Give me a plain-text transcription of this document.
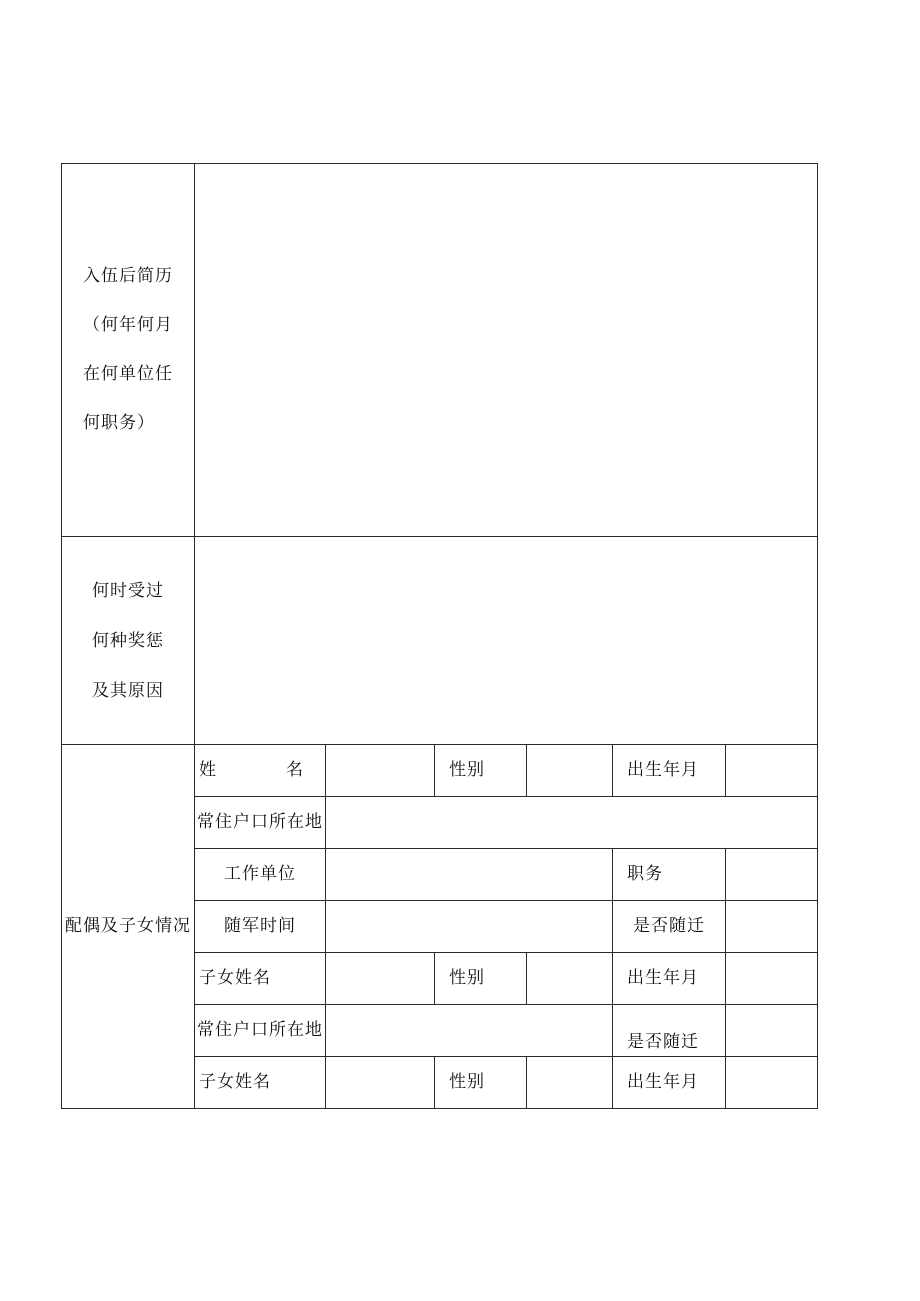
入伍后简历
（何年何月
在何单位任
何职务）						

何时受过
何种奖惩
及其原因						

配偶及子女情况	姓 名		性别		出生年月	
	常住户口所在地					
	工作单位				职务	
	随军时间				是否随迁	
	子女姓名		性别		出生年月	
	常住户口所在地				是否随迁	
	子女姓名		性别		出生年月	
